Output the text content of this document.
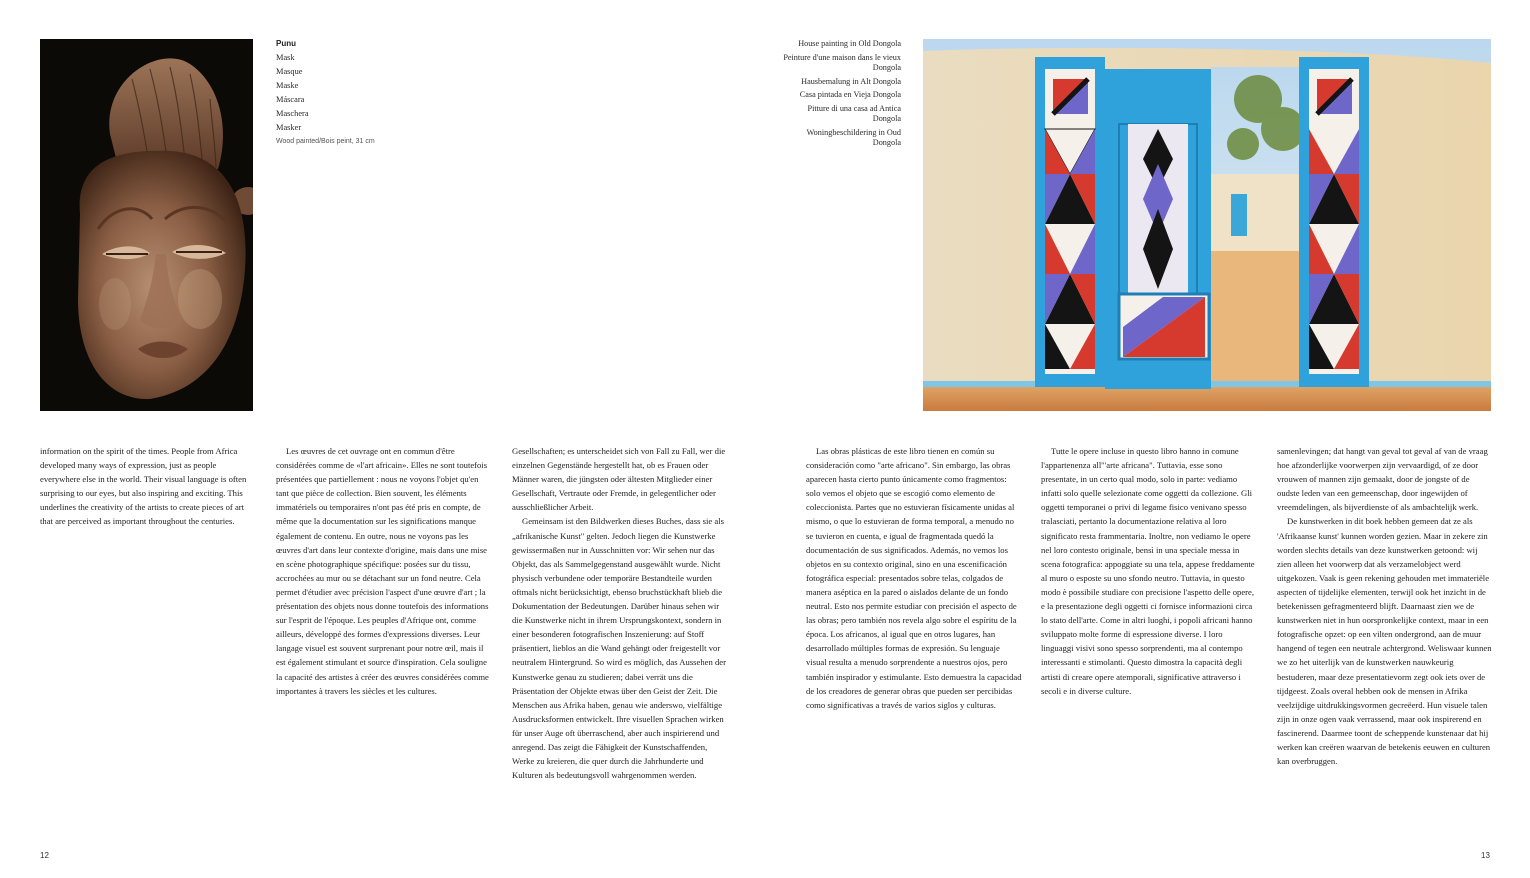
Punu
Mask
Masque
Maske
Máscara
Maschera
Masker
Wood painted/Bois peint, 31 cm
House painting in Old Dongola
Peinture d'une maison dans le vieux Dongola
Hausbemalung in Alt Dongola
Casa pintada en Vieja Dongola
Pitture di una casa ad Antica Dongola
Woningbeschildering in Oud Dongola

information on the spirit of the times. People from Africa developed many ways of expression, just as people everywhere else in the world. Their visual language is often surprising to our eyes, but also inspiring and exciting. This underlines the creativity of the artists to create pieces of art that are perceived as important throughout the centuries.

Les œuvres de cet ouvrage ont en commun d'être considérées comme de «l'art africain». Elles ne sont toutefois présentées que partiellement : nous ne voyons l'objet qu'en tant que pièce de collection. Bien souvent, les éléments immatériels ou temporaires n'ont pas été pris en compte, de même que la documentation sur les significations manque également de contenu. En outre, nous ne voyons pas les œuvres d'art dans leur contexte d'origine, mais dans une mise en scène photographique spécifique: posées sur du tissu, accrochées au mur ou se détachant sur un fond neutre. Cela permet d'étudier avec précision l'aspect d'une œuvre d'art ; la présentation des objets nous donne toutefois des informations sur l'esprit de l'époque. Les peuples d'Afrique ont, comme ailleurs, développé des formes d'expressions diverses. Leur langage visuel est souvent surprenant pour notre œil, mais il est également stimulant et source d'inspiration. Cela souligne la capacité des artistes à créer des œuvres considérées comme importantes à travers les siècles et les cultures.

Gesellschaften; es unterscheidet sich von Fall zu Fall, wer die einzelnen Gegenstände hergestellt hat, ob es Frauen oder Männer waren, die jüngsten oder ältesten Mitglieder einer Gesellschaft, Vertraute oder Fremde, in gelegentlicher oder ausschließlicher Arbeit.

Gemeinsam ist den Bildwerken dieses Buches, dass sie als „afrikanische Kunst" gelten. Jedoch liegen die Kunstwerke gewissermaßen nur in Ausschnitten vor: Wir sehen nur das Objekt, das als Sammelgegenstand ausgewählt wurde. Nicht physisch verbundene oder temporäre Bestandteile wurden oftmals nicht berücksichtigt, ebenso bruchstückhaft blieb die Dokumentation der Bedeutungen. Darüber hinaus sehen wir die Kunstwerke nicht in ihrem Ursprungskontext, sondern in einer besonderen fotografischen Inszenierung: auf Stoff präsentiert, lieblos an die Wand gehängt oder freigestellt vor neutralem Hintergrund. So wird es möglich, das Aussehen der Kunstwerke genau zu studieren; dabei verrät uns die Präsentation der Objekte etwas über den Geist der Zeit. Die Menschen aus Afrika haben, genau wie anderswo, vielfältige Ausdrucksformen entwickelt. Ihre visuellen Sprachen wirken für unser Auge oft überraschend, aber auch inspirierend und anregend. Das zeigt die Fähigkeit der Kunstschaffenden, Werke zu kreieren, die quer durch die Jahrhunderte und Kulturen als bedeutungsvoll wahrgenommen werden.

Las obras plásticas de este libro tienen en común su consideración como "arte africano". Sin embargo, las obras aparecen hasta cierto punto únicamente como fragmentos: solo vemos el objeto que se escogió como elemento de coleccionista. Partes que no estuvieran físicamente unidas al mismo, o que lo estuvieran de forma temporal, a menudo no se tuvieron en cuenta, e igual de fragmentada quedó la documentación de sus significados. Además, no vemos los objetos en su contexto original, sino en una escenificación fotográfica especial: presentados sobre telas, colgados de manera aséptica en la pared o aislados delante de un fondo neutral. Esto nos permite estudiar con precisión el aspecto de las obras; pero también nos revela algo sobre el espíritu de la época. Los africanos, al igual que en otros lugares, han desarrollado múltiples formas de expresión. Su lenguaje visual resulta a menudo sorprendente a nuestros ojos, pero también inspirador y estimulante. Esto demuestra la capacidad de los creadores de generar obras que pueden ser percibidas como significativas a través de varios siglos y culturas.

Tutte le opere incluse in questo libro hanno in comune l'appartenenza all'"arte africana". Tuttavia, esse sono presentate, in un certo qual modo, solo in parte: vediamo infatti solo quelle selezionate come oggetti da collezione. Gli oggetti temporanei o privi di legame fisico venivano spesso tralasciati, pertanto la documentazione relativa al loro significato resta frammentaria. Inoltre, non vediamo le opere nel loro contesto originale, bensì in una speciale messa in scena fotografica: appoggiate su una tela, appese freddamente al muro o esposte su uno sfondo neutro. Tuttavia, in questo modo è possibile studiare con precisione l'aspetto delle opere, e la presentazione degli oggetti ci fornisce informazioni circa lo stato dell'arte. Come in altri luoghi, i popoli africani hanno sviluppato molte forme di espressione diverse. I loro linguaggi visivi sono spesso sorprendenti, ma al contempo interessanti e stimolanti. Questo dimostra la capacità degli artisti di creare opere atemporali, significative attraverso i secoli e in diverse culture.

samenlevingen; dat hangt van geval tot geval af van de vraag hoe afzonderlijke voorwerpen zijn vervaardigd, of ze door vrouwen of mannen zijn gemaakt, door de jongste of de oudste leden van een gemeenschap, door ingewijden of vreemdelingen, als bijverdienste of als ambachtelijk werk.

De kunstwerken in dit boek hebben gemeen dat ze als 'Afrikaanse kunst' kunnen worden gezien. Maar in zekere zin worden slechts details van deze kunstwerken getoond: wij zien alleen het voorwerp dat als verzamelobject werd uitgekozen. Vaak is geen rekening gehouden met immateriële aspecten of tijdelijke elementen, terwijl ook het inzicht in de betekenissen gefragmenteerd blijft. Daarnaast zien we de kunstwerken niet in hun oorspronkelijke context, maar in een fotografische opzet: op een vilten ondergrond, aan de muur hangend of tegen een neutrale achtergrond. Weliswaar kunnen we zo het uiterlijk van de kunstwerken nauwkeurig bestuderen, maar deze presentatievorm zegt ook iets over de tijdgeest. Zoals overal hebben ook de mensen in Afrika veelzijdige uitdrukkingsvormen gecreëerd. Hun visuele talen zijn in onze ogen vaak verrassend, maar ook inspirerend en fascinerend. Daarmee toont de scheppende kunstenaar dat hij werken kan creëren waarvan de betekenis eeuwen en culturen kan overbruggen.

12	13
